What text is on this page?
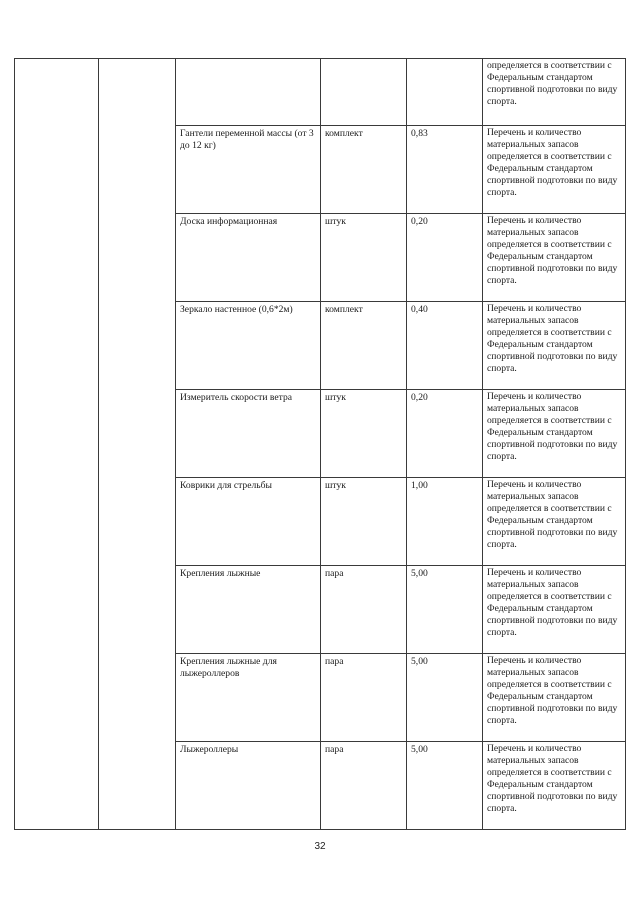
					определяется в соответствии с Федеральным стандартом спортивной подготовки по виду спорта.
		Гантели переменной массы (от 3 до 12 кг)	комплект	0,83	Перечень и количество материальных запасов определяется в соответствии с Федеральным стандартом спортивной подготовки по виду спорта.
		Доска информационная	штук	0,20	Перечень и количество материальных запасов определяется в соответствии с Федеральным стандартом спортивной подготовки по виду спорта.
		Зеркало настенное (0,6*2м)	комплект	0,40	Перечень и количество материальных запасов определяется в соответствии с Федеральным стандартом спортивной подготовки по виду спорта.
		Измеритель скорости ветра	штук	0,20	Перечень и количество материальных запасов определяется в соответствии с Федеральным стандартом спортивной подготовки по виду спорта.
		Коврики для стрельбы	штук	1,00	Перечень и количество материальных запасов определяется в соответствии с Федеральным стандартом спортивной подготовки по виду спорта.
		Крепления лыжные	пара	5,00	Перечень и количество материальных запасов определяется в соответствии с Федеральным стандартом спортивной подготовки по виду спорта.
		Крепления лыжные для лыжероллеров	пара	5,00	Перечень и количество материальных запасов определяется в соответствии с Федеральным стандартом спортивной подготовки по виду спорта.
		Лыжероллеры	пара	5,00	Перечень и количество материальных запасов определяется в соответствии с Федеральным стандартом спортивной подготовки по виду спорта.
32
